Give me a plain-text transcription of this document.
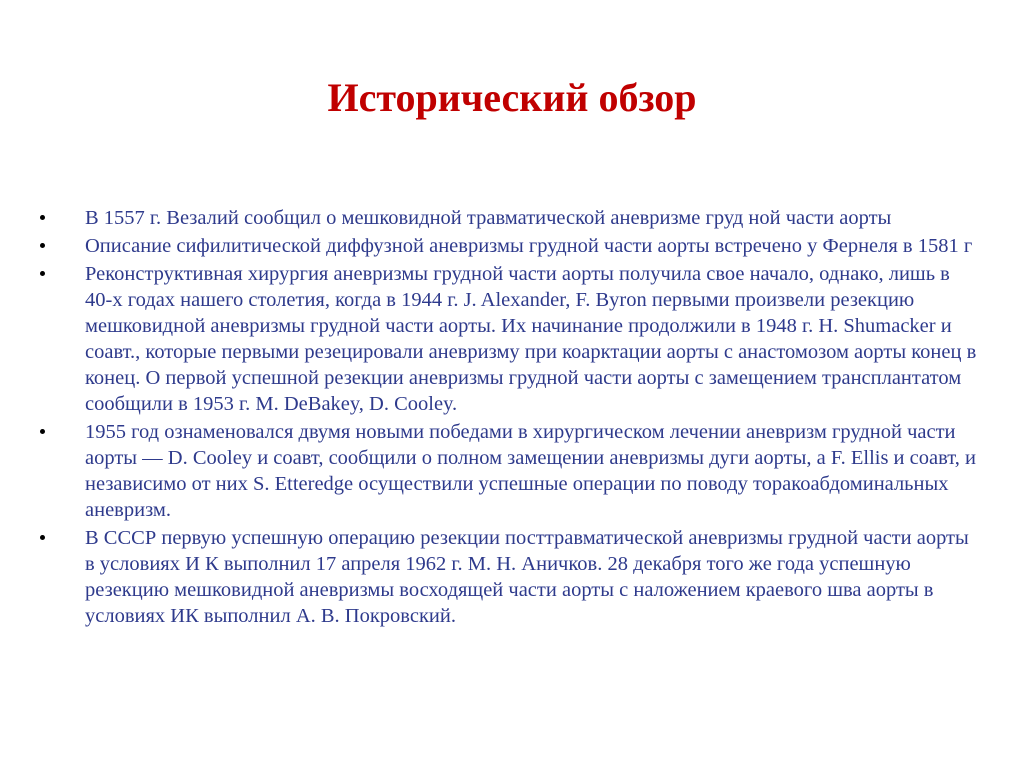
Исторический обзор
В 1557 г. Везалий сообщил о мешковидной травматической аневризме груд ной части аорты
Описание сифилитической диффузной аневризмы грудной части аорты встречено у Фернеля в 1581 г
Реконструктивная хирургия аневризмы грудной части аорты получила свое начало, однако, лишь в 40-х годах нашего столетия, когда в 1944 г. J. Alexander, F. Byron первыми произвели резекцию мешковидной аневризмы грудной части аорты. Их начинание продолжили в 1948 г. Н. Shumacker и соавт., которые первыми резецировали аневризму при коарктации аорты с анастомозом аорты конец в конец. О первой успешной резекции аневризмы грудной части аорты с замещением трансплантатом сообщили в 1953 г. М. DeBakey, D. Cooley.
1955 год ознаменовался двумя новыми победами в хирургическом лечении аневризм грудной части аорты — D. Cooley и соавт, сообщили о полном замещении аневризмы дуги аорты, а F. Ellis и соавт, и независимо от них S. Etteredge осуществили успешные операции по поводу торакоабдоминальных аневризм.
В СССР первую успешную операцию резекции посттравматической аневризмы грудной части аорты в условиях И К выполнил 17 апреля 1962 г. М. Н. Аничков. 28 декабря того же года успешную резекцию мешковидной аневризмы восходящей части аорты с наложением краевого шва аорты в условиях ИК выполнил А. В. Покровский.
